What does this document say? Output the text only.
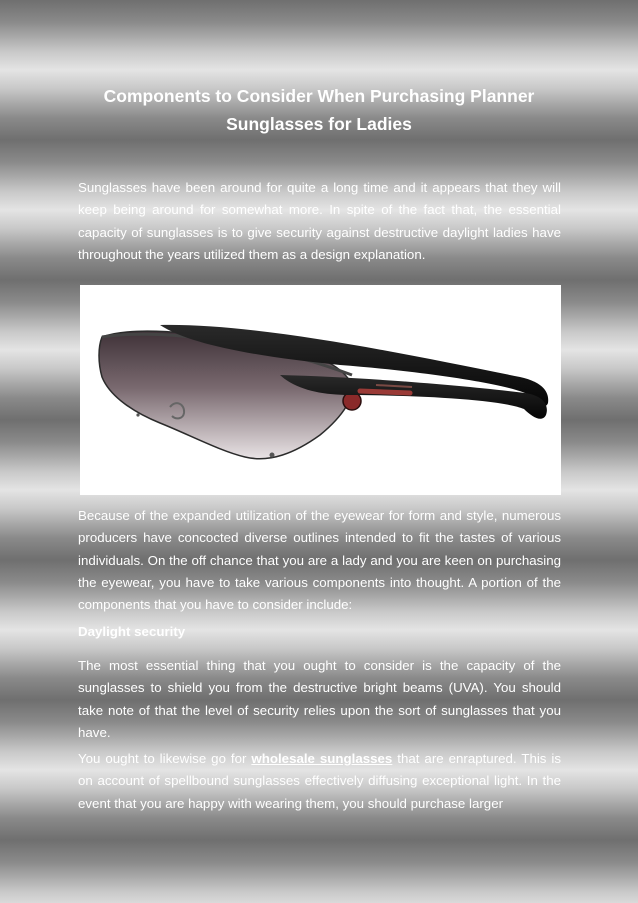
Components to Consider When Purchasing Planner Sunglasses for Ladies

Sunglasses have been around for quite a long time and it appears that they will keep being around for somewhat more. In spite of the fact that, the essential capacity of sunglasses is to give security against destructive daylight ladies have throughout the years utilized them as a design explanation.

Because of the expanded utilization of the eyewear for form and style, numerous producers have concocted diverse outlines intended to fit the tastes of various individuals. On the off chance that you are a lady and you are keen on purchasing the eyewear, you have to take various components into thought. A portion of the components that you have to consider include:

Daylight security

The most essential thing that you ought to consider is the capacity of the sunglasses to shield you from the destructive bright beams (UVA). You should take note of that the level of security relies upon the sort of sunglasses that you have.

You ought to likewise go for wholesale sunglasses that are enraptured. This is on account of spellbound sunglasses effectively diffusing exceptional light. In the event that you are happy with wearing them, you should purchase larger
